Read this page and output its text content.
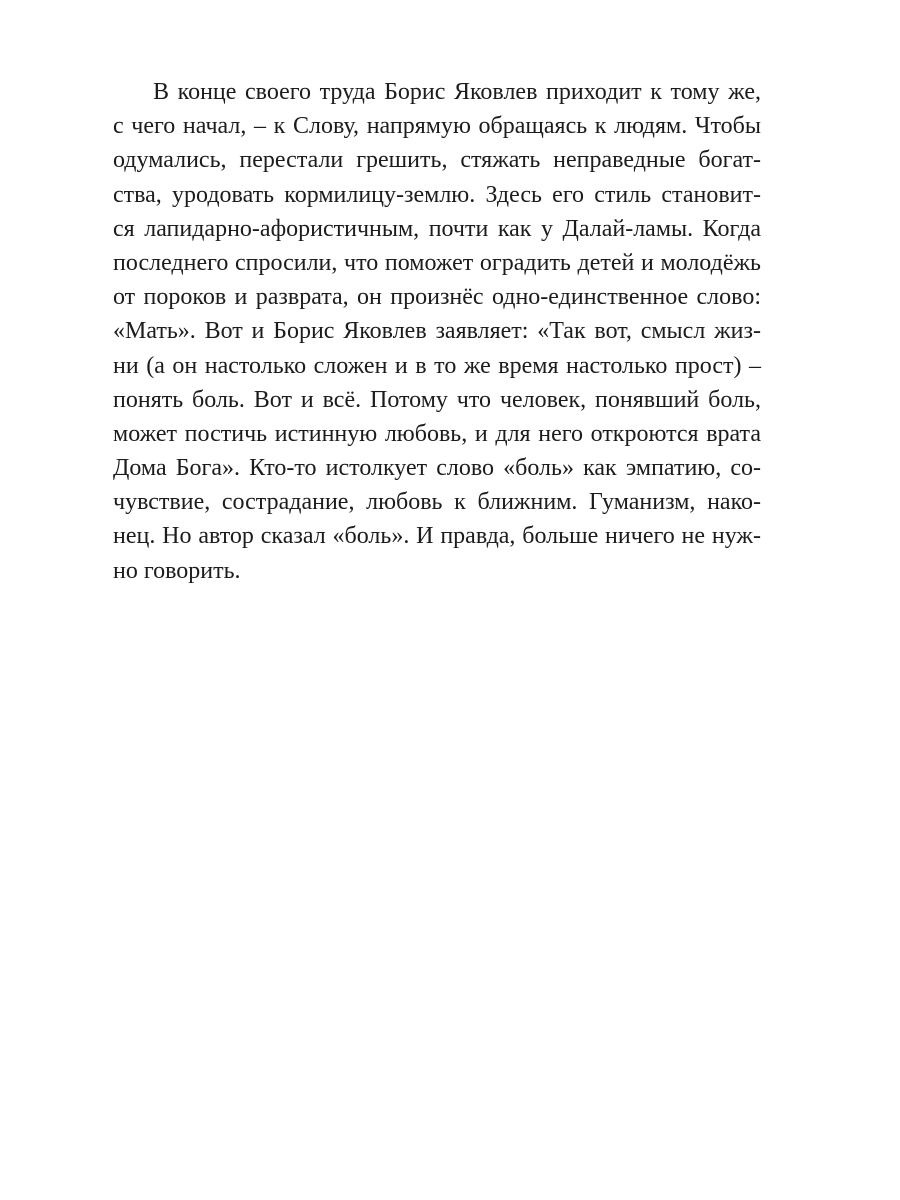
В конце своего труда Борис Яковлев приходит к тому же,
с чего начал, – к Слову, напрямую обращаясь к людям. Чтобы
одумались, перестали грешить, стяжать неправедные богат-
ства, уродовать кормилицу-землю. Здесь его стиль становит-
ся лапидарно-афористичным, почти как у Далай-ламы. Когда
последнего спросили, что поможет оградить детей и молодёжь
от пороков и разврата, он произнёс одно-единственное слово:
«Мать». Вот и Борис Яковлев заявляет: «Так вот, смысл жиз-
ни (а он настолько сложен и в то же время настолько прост) –
понять боль. Вот и всё. Потому что человек, понявший боль,
может постичь истинную любовь, и для него откроются врата
Дома Бога». Кто-то истолкует слово «боль» как эмпатию, со-
чувствие, сострадание, любовь к ближним. Гуманизм, нако-
нец. Но автор сказал «боль». И правда, больше ничего не нуж-
но говорить.
